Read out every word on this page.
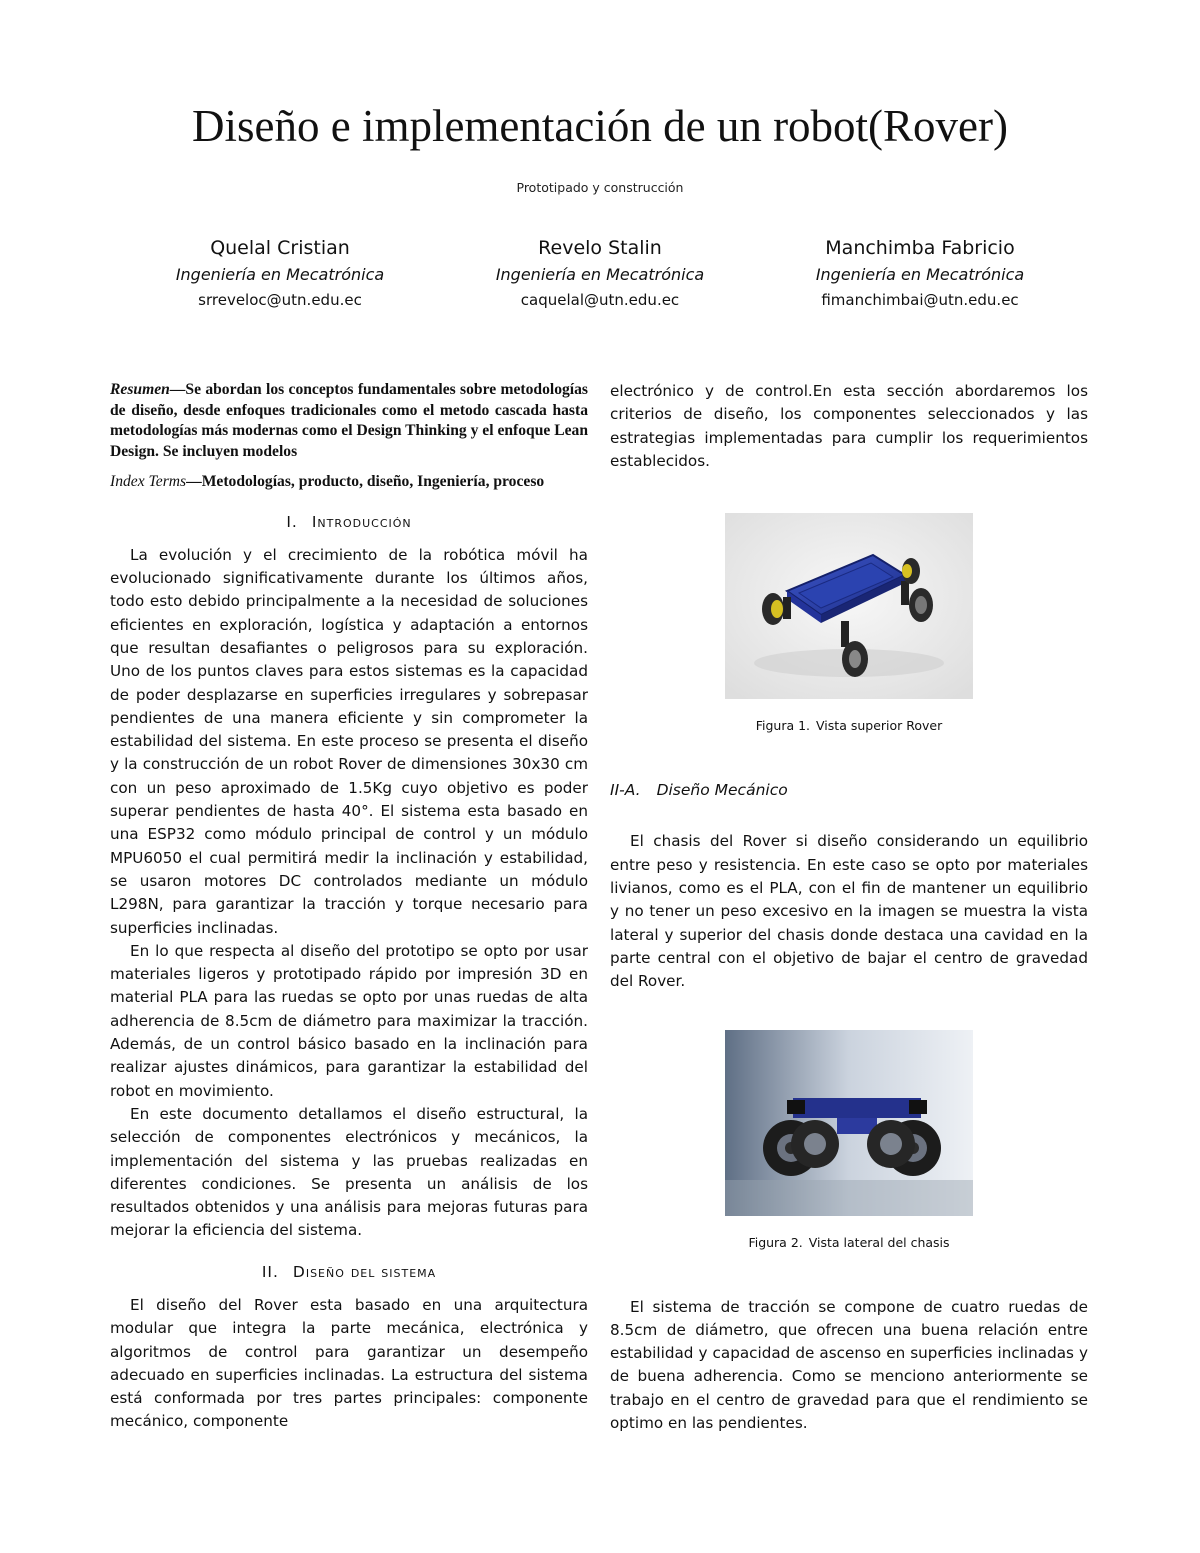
Diseño e implementación de un robot(Rover)
Prototipado y construcción
Quelal Cristian
Ingeniería en Mecatrónica
srreveloc@utn.edu.ec
Revelo Stalin
Ingeniería en Mecatrónica
caquelal@utn.edu.ec
Manchimba Fabricio
Ingeniería en Mecatrónica
fimanchimbai@utn.edu.ec

Resumen—Se abordan los conceptos fundamentales sobre metodologías de diseño, desde enfoques tradicionales como el metodo cascada hasta metodologías más modernas como el Design Thinking y el enfoque Lean Design. Se incluyen modelos

Index Terms—Metodologías, producto, diseño, Ingeniería, proceso

I. Introducción

La evolución y el crecimiento de la robótica móvil ha evolucionado significativamente durante los últimos años, todo esto debido principalmente a la necesidad de soluciones eficientes en exploración, logística y adaptación a entornos que resultan desafiantes o peligrosos para su exploración. Uno de los puntos claves para estos sistemas es la capacidad de poder desplazarse en superficies irregulares y sobrepasar pendientes de una manera eficiente y sin comprometer la estabilidad del sistema. En este proceso se presenta el diseño y la construcción de un robot Rover de dimensiones 30x30 cm con un peso aproximado de 1.5Kg cuyo objetivo es poder superar pendientes de hasta 40°. El sistema esta basado en una ESP32 como módulo principal de control y un módulo MPU6050 el cual permitirá medir la inclinación y estabilidad, se usaron motores DC controlados mediante un módulo L298N, para garantizar la tracción y torque necesario para superficies inclinadas.

En lo que respecta al diseño del prototipo se opto por usar materiales ligeros y prototipado rápido por impresión 3D en material PLA para las ruedas se opto por unas ruedas de alta adherencia de 8.5cm de diámetro para maximizar la tracción. Además, de un control básico basado en la inclinación para realizar ajustes dinámicos, para garantizar la estabilidad del robot en movimiento.

En este documento detallamos el diseño estructural, la selección de componentes electrónicos y mecánicos, la implementación del sistema y las pruebas realizadas en diferentes condiciones. Se presenta un análisis de los resultados obtenidos y una análisis para mejoras futuras para mejorar la eficiencia del sistema.

II. Diseño del sistema

El diseño del Rover esta basado en una arquitectura modular que integra la parte mecánica, electrónica y algoritmos de control para garantizar un desempeño adecuado en superficies inclinadas. La estructura del sistema está conformada por tres partes principales: componente mecánico, componente

electrónico y de control.En esta sección abordaremos los criterios de diseño, los componentes seleccionados y las estrategias implementadas para cumplir los requerimientos establecidos.

Figura 1. Vista superior Rover
II-A. Diseño Mecánico

El chasis del Rover si diseño considerando un equilibrio entre peso y resistencia. En este caso se opto por materiales livianos, como es el PLA, con el fin de mantener un equilibrio y no tener un peso excesivo en la imagen se muestra la vista lateral y superior del chasis donde destaca una cavidad en la parte central con el objetivo de bajar el centro de gravedad del Rover.

Figura 2. Vista lateral del chasis

El sistema de tracción se compone de cuatro ruedas de 8.5cm de diámetro, que ofrecen una buena relación entre estabilidad y capacidad de ascenso en superficies inclinadas y de buena adherencia. Como se menciono anteriormente se trabajo en el centro de gravedad para que el rendimiento se optimo en las pendientes.
